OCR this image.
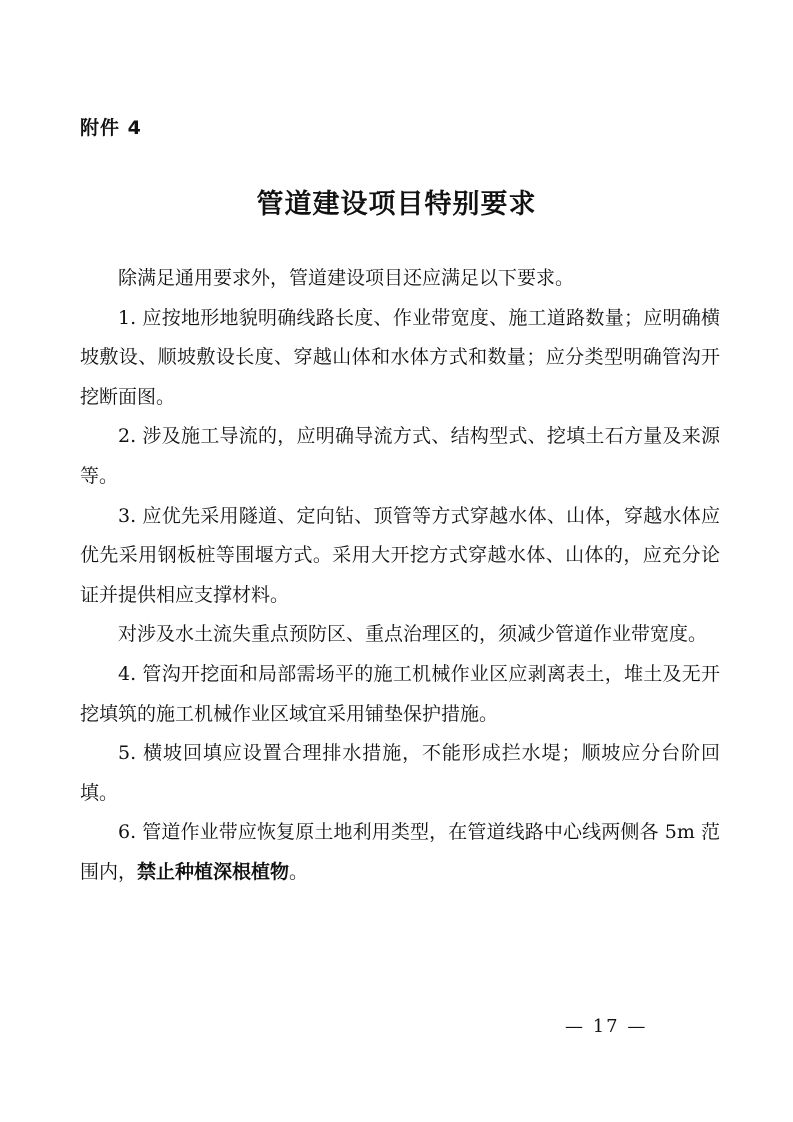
附件 4
管道建设项目特别要求

除满足通用要求外，管道建设项目还应满足以下要求。

1. 应按地形地貌明确线路长度、作业带宽度、施工道路数量；应明确横坡敷设、顺坡敷设长度、穿越山体和水体方式和数量；应分类型明确管沟开挖断面图。

2. 涉及施工导流的，应明确导流方式、结构型式、挖填土石方量及来源等。

3. 应优先采用隧道、定向钻、顶管等方式穿越水体、山体，穿越水体应优先采用钢板桩等围堰方式。采用大开挖方式穿越水体、山体的，应充分论证并提供相应支撑材料。

对涉及水土流失重点预防区、重点治理区的，须减少管道作业带宽度。

4. 管沟开挖面和局部需场平的施工机械作业区应剥离表土，堆土及无开挖填筑的施工机械作业区域宜采用铺垫保护措施。

5. 横坡回填应设置合理排水措施，不能形成拦水堤；顺坡应分台阶回填。

6. 管道作业带应恢复原土地利用类型，在管道线路中心线两侧各 5m 范围内，禁止种植深根植物。

— 17 —
